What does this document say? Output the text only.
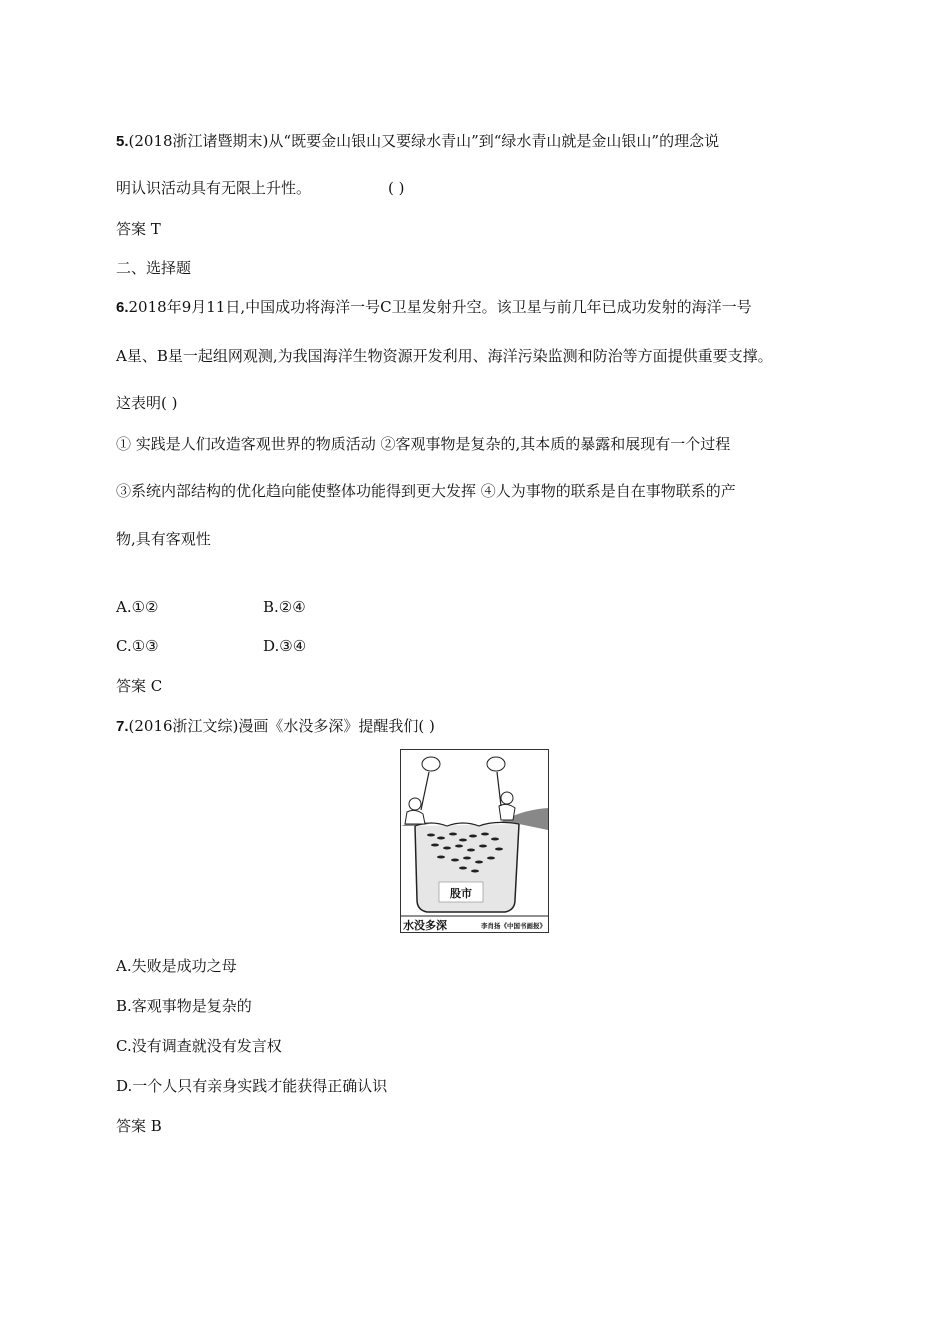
5.(2018浙江诸暨期末)从“既要金山银山又要绿水青山”到“绿水青山就是金山银山”的理念说
明认识活动具有无限上升性。	( )
答案 T
二、选择题
6.2018年9月11日,中国成功将海洋一号C卫星发射升空。该卫星与前几年已成功发射的海洋一号
A星、B星一起组网观测,为我国海洋生物资源开发利用、海洋污染监测和防治等方面提供重要支撑。
这表明( )
① 实践是人们改造客观世界的物质活动 ②客观事物是复杂的,其本质的暴露和展现有一个过程
③系统内部结构的优化趋向能使整体功能得到更大发挥 ④人为事物的联系是自在事物联系的产
物,具有客观性
A.①②	B.②④
C.①③	D.③④
答案 C
7.(2016浙江文综)漫画《水没多深》提醒我们( )
股市
水没多深	李肖扬《中国书画报》
A.失败是成功之母
B.客观事物是复杂的
C.没有调查就没有发言权
D.一个人只有亲身实践才能获得正确认识
答案 B
